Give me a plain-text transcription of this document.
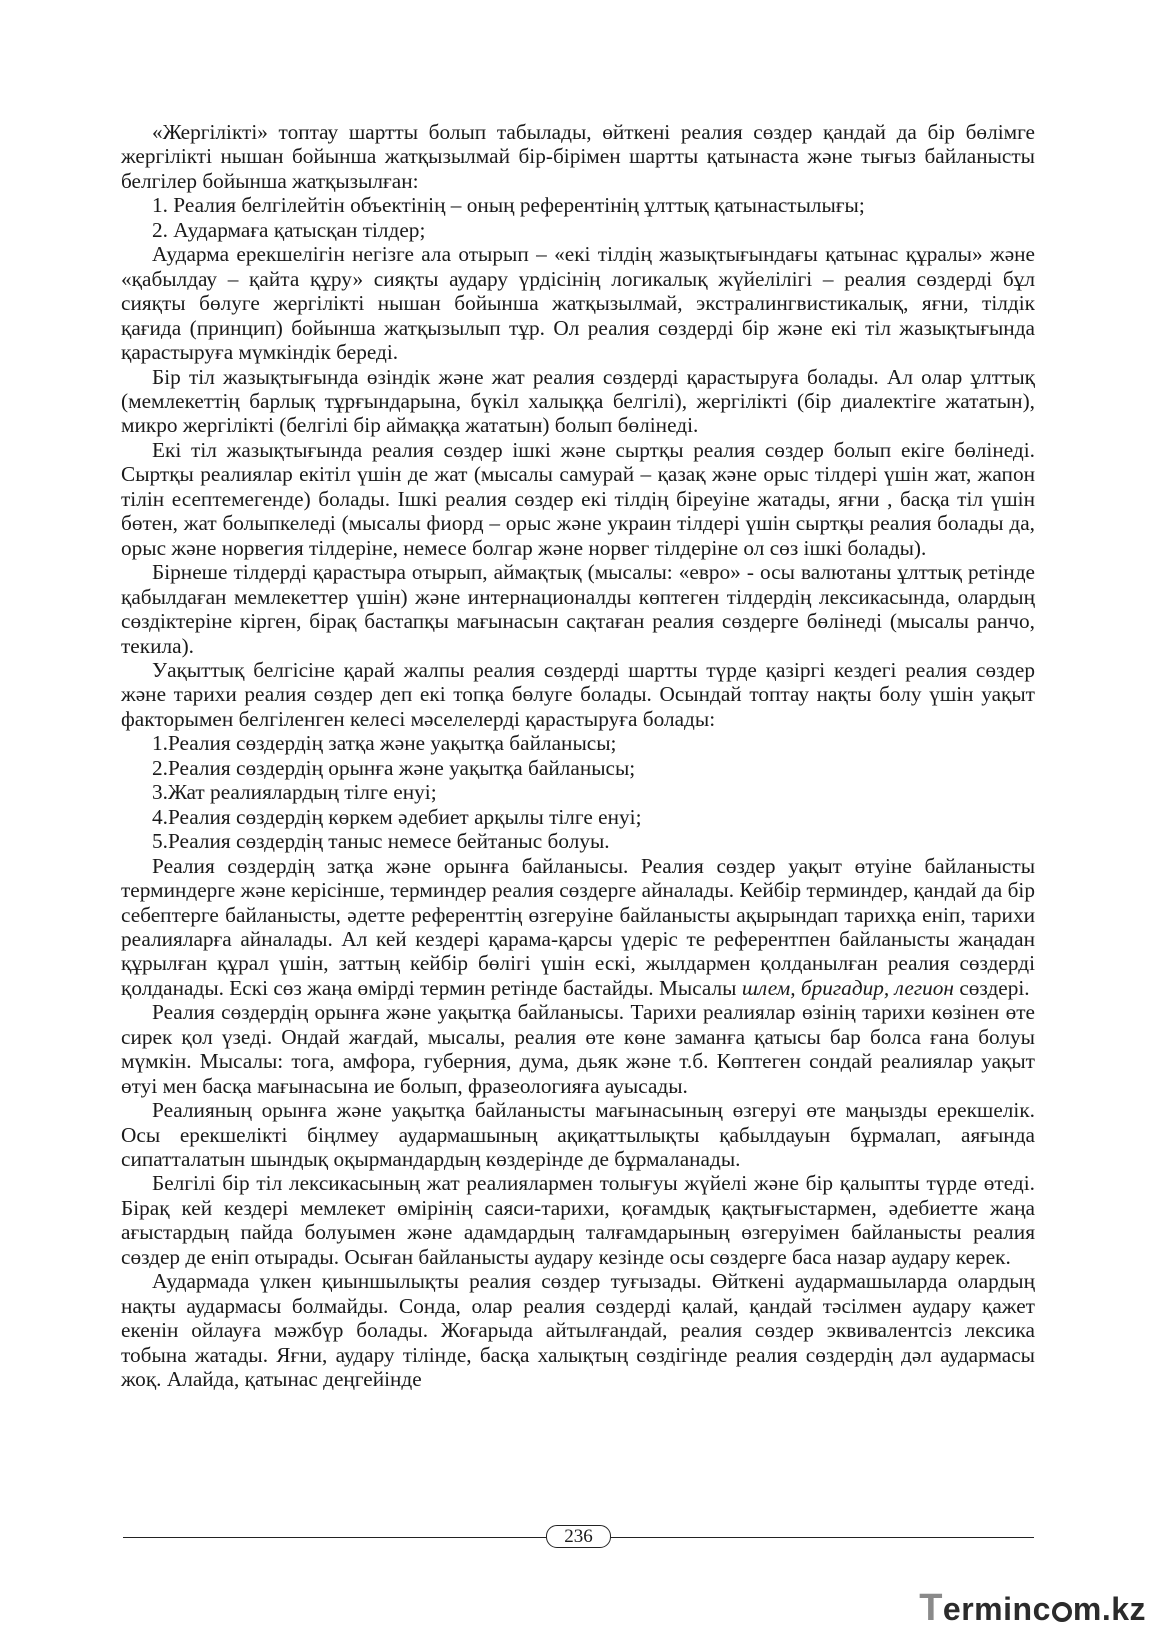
«Жергілікті» топтау шартты болып табылады, өйткені реалия сөздер қандай да бір бөлімге жергілікті нышан бойынша жатқызылмай бір-бірімен шартты қатынаста және тығыз байланысты белгілер бойынша жатқызылған:

1. Реалия белгілейтін объектінің – оның референтінің ұлттық қатынастылығы;

2. Аудармаға қатысқан тілдер;

Аударма ерекшелігін негізге ала отырып – «екі тілдің жазықтығындағы қатынас құралы» және «қабылдау – қайта құру» сияқты аудару үрдісінің логикалық жүйелілігі – реалия сөздерді бұл сияқты бөлуге жергілікті нышан бойынша жатқызылмай, экстралингвистикалық, яғни, тілдік қағида (принцип) бойынша жатқызылып тұр. Ол реалия сөздерді бір және екі тіл жазықтығында қарастыруға мүмкіндік береді.

Бір тіл жазықтығында өзіндік және жат реалия сөздерді қарастыруға болады. Ал олар ұлттық (мемлекеттің барлық тұрғындарына, бүкіл халыққа белгілі), жергілікті (бір диалектіге жататын), микро жергілікті (белгілі бір аймаққа жататын) болып бөлінеді.

Екі тіл жазықтығында реалия сөздер ішкі және сыртқы реалия сөздер болып екіге бөлінеді. Сыртқы реалиялар екітіл үшін де жат (мысалы самурай – қазақ және орыс тілдері үшін жат, жапон тілін есептемегенде) болады. Ішкі реалия сөздер екі тілдің біреуіне жатады, яғни , басқа тіл үшін бөтен, жат болыпкеледі (мысалы фиорд – орыс және украин тілдері үшін сыртқы реалия болады да, орыс және норвегия тілдеріне, немесе болгар және норвег тілдеріне ол сөз ішкі болады).

Бірнеше тілдерді қарастыра отырып, аймақтық (мысалы: «евро» - осы валютаны ұлттық ретінде қабылдаған мемлекеттер үшін) және интернационалды көптеген тілдердің лексикасында, олардың сөздіктеріне кірген, бірақ бастапқы мағынасын сақтаған реалия сөздерге бөлінеді (мысалы ранчо, текила).

Уақыттық белгісіне қарай жалпы реалия сөздерді шартты түрде қазіргі кездегі реалия сөздер және тарихи реалия сөздер деп екі топқа бөлуге болады. Осындай топтау нақты болу үшін уақыт факторымен белгіленген келесі мәселелерді қарастыруға болады:

1.Реалия сөздердің затқа және уақытқа байланысы;

2.Реалия сөздердің орынға және уақытқа байланысы;

3.Жат реалиялардың тілге енуі;

4.Реалия сөздердің көркем әдебиет арқылы тілге енуі;

5.Реалия сөздердің таныс немесе бейтаныс болуы.

Реалия сөздердің затқа және орынға байланысы. Реалия сөздер уақыт өтуіне байланысты терминдерге және керісінше, терминдер реалия сөздерге айналады. Кейбір терминдер, қандай да бір себептерге байланысты, әдетте референттің өзгеруіне байланысты ақырындап тарихқа еніп, тарихи реалияларға айналады. Ал кей кездері қарама-қарсы үдеріс те референтпен байланысты жаңадан құрылған құрал үшін, заттың кейбір бөлігі үшін ескі, жылдармен қолданылған реалия сөздерді қолданады. Ескі сөз жаңа өмірді термин ретінде бастайды. Мысалы шлем, бригадир, легион сөздері.

Реалия сөздердің орынға және уақытқа байланысы. Тарихи реалиялар өзінің тарихи көзінен өте сирек қол үзеді. Ондай жағдай, мысалы, реалия өте көне заманға қатысы бар болса ғана болуы мүмкін. Мысалы: тога, амфора, губерния, дума, дьяк және т.б. Көптеген сондай реалиялар уақыт өтуі мен басқа мағынасына ие болып, фразеологияға ауысады.

Реалияның орынға және уақытқа байланысты мағынасының өзгеруі өте маңызды ерекшелік. Осы ерекшелікті біңлмеу аудармашының ақиқаттылықты қабылдауын бұрмалап, аяғында сипатталатын шындық оқырмандардың көздерінде де бұрмаланады.

Белгілі бір тіл лексикасының жат реалиялармен толығуы жүйелі және бір қалыпты түрде өтеді. Бірақ кей кездері мемлекет өмірінің саяси-тарихи, қоғамдық қақтығыстармен, әдебиетте жаңа ағыстардың пайда болуымен және адамдардың талғамдарының өзгеруімен байланысты реалия сөздер де еніп отырады. Осыған байланысты аудару кезінде осы сөздерге баса назар аудару керек.

Аудармада үлкен қиыншылықты реалия сөздер туғызады. Өйткені аудармашыларда олардың нақты аудармасы болмайды. Сонда, олар реалия сөздерді қалай, қандай тәсілмен аудару қажет екенін ойлауға мәжбүр болады. Жоғарыда айтылғандай, реалия сөздер эквивалентсіз лексика тобына жатады. Яғни, аудару тілінде, басқа халықтың сөздігінде реалия сөздердің дәл аудармасы жоқ. Алайда, қатынас деңгейінде

236
Terminc m.kz
